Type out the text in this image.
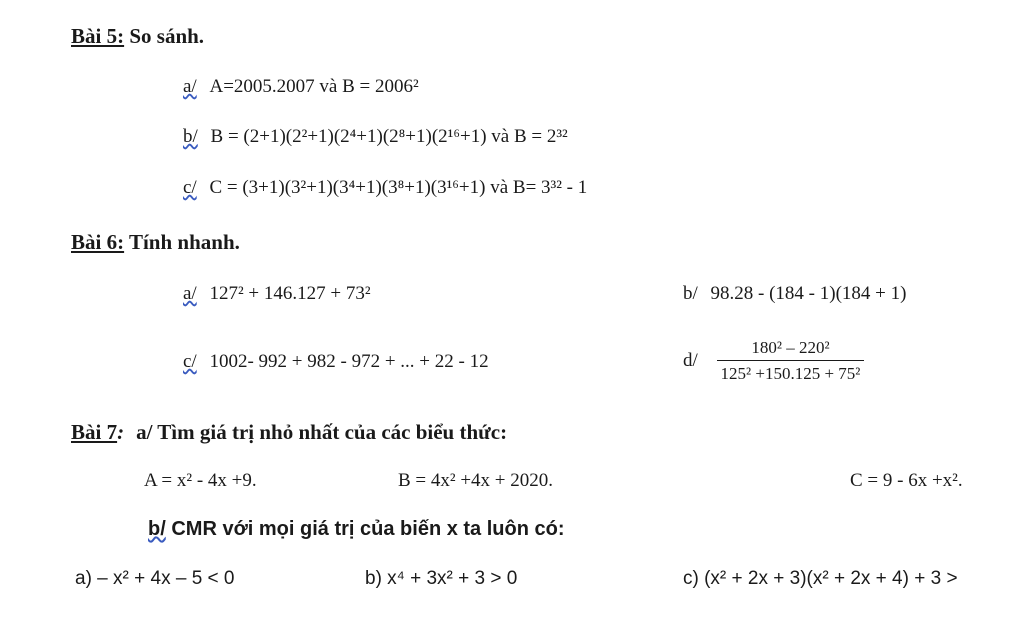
Bài 5: So sánh.
a/ A=2005.2007 và B = 2006²
b/ B = (2+1)(2²+1)(2⁴+1)(2⁸+1)(2¹⁶+1) và B = 2³²
c/ C = (3+1)(3²+1)(3⁴+1)(3⁸+1)(3¹⁶+1) và B= 3³² - 1
Bài 6: Tính nhanh.
a/ 127² + 146.127 + 73²	b/ 98.28 - (184 - 1)(184 + 1)
c/ 1002- 992 + 982 - 972 + ... + 22 - 12	$d/ \frac{\text{180² – 220²}}{\text{125² +150.125 + 75²}}$
Bài 7: a/ Tìm giá trị nhỏ nhất của các biểu thức:
A = x² - 4x +9.	B = 4x² +4x + 2020.	C = 9 - 6x +x².
b/ CMR với mọi giá trị của biến x ta luôn có:
a) – x² + 4x – 5 < 0	b) x⁴ + 3x² + 3 > 0	c) (x² + 2x + 3)(x² + 2x + 4) + 3 >
